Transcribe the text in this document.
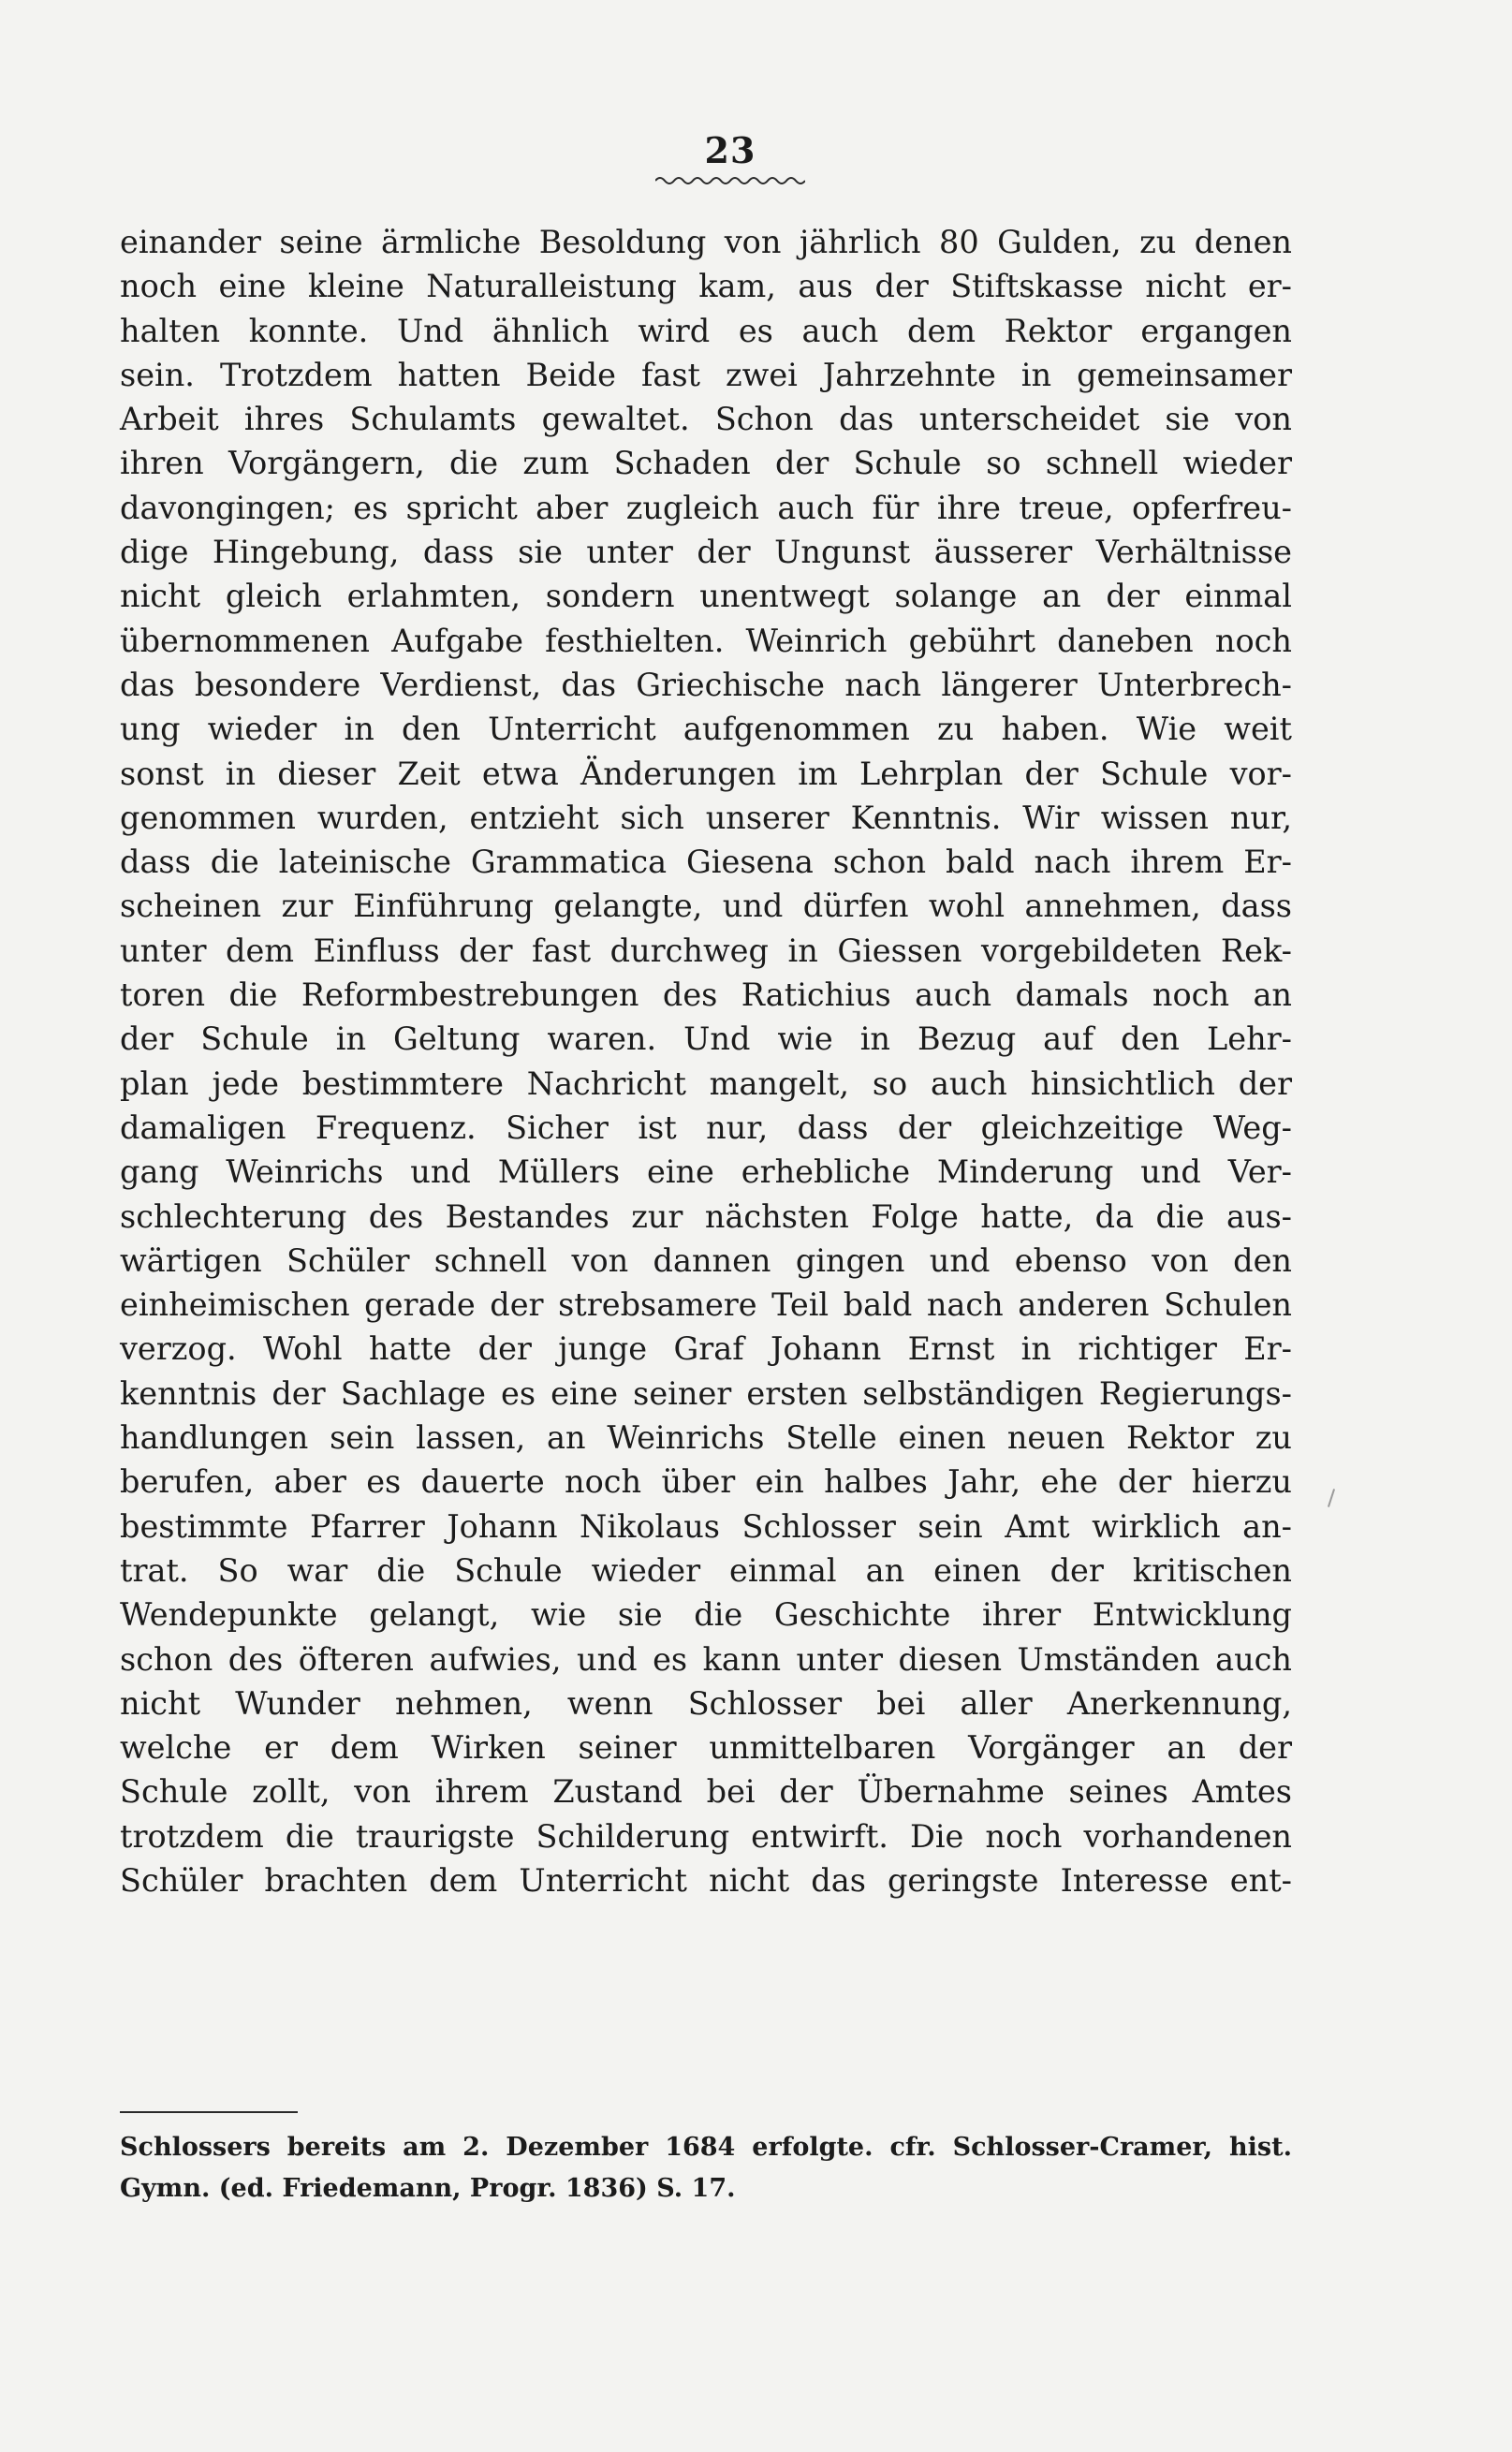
23
einander seine ärmliche Besoldung von jährlich 80 Gulden, zu denen
noch eine kleine Naturalleistung kam, aus der Stiftskasse nicht er-
halten konnte. Und ähnlich wird es auch dem Rektor ergangen
sein. Trotzdem hatten Beide fast zwei Jahrzehnte in gemeinsamer
Arbeit ihres Schulamts gewaltet. Schon das unterscheidet sie von
ihren Vorgängern, die zum Schaden der Schule so schnell wieder
davongingen; es spricht aber zugleich auch für ihre treue, opferfreu-
dige Hingebung, dass sie unter der Ungunst äusserer Verhältnisse
nicht gleich erlahmten, sondern unentwegt solange an der einmal
übernommenen Aufgabe festhielten. Weinrich gebührt daneben noch
das besondere Verdienst, das Griechische nach längerer Unterbrech-
ung wieder in den Unterricht aufgenommen zu haben. Wie weit
sonst in dieser Zeit etwa Änderungen im Lehrplan der Schule vor-
genommen wurden, entzieht sich unserer Kenntnis. Wir wissen nur,
dass die lateinische Grammatica Giesena schon bald nach ihrem Er-
scheinen zur Einführung gelangte, und dürfen wohl annehmen, dass
unter dem Einfluss der fast durchweg in Giessen vorgebildeten Rek-
toren die Reformbestrebungen des Ratichius auch damals noch an
der Schule in Geltung waren. Und wie in Bezug auf den Lehr-
plan jede bestimmtere Nachricht mangelt, so auch hinsichtlich der
damaligen Frequenz. Sicher ist nur, dass der gleichzeitige Weg-
gang Weinrichs und Müllers eine erhebliche Minderung und Ver-
schlechterung des Bestandes zur nächsten Folge hatte, da die aus-
wärtigen Schüler schnell von dannen gingen und ebenso von den
einheimischen gerade der strebsamere Teil bald nach anderen Schulen
verzog. Wohl hatte der junge Graf Johann Ernst in richtiger Er-
kenntnis der Sachlage es eine seiner ersten selbständigen Regierungs-
handlungen sein lassen, an Weinrichs Stelle einen neuen Rektor zu
berufen, aber es dauerte noch über ein halbes Jahr, ehe der hierzu
bestimmte Pfarrer Johann Nikolaus Schlosser sein Amt wirklich an-
trat. So war die Schule wieder einmal an einen der kritischen
Wendepunkte gelangt, wie sie die Geschichte ihrer Entwicklung
schon des öfteren aufwies, und es kann unter diesen Umständen auch
nicht Wunder nehmen, wenn Schlosser bei aller Anerkennung,
welche er dem Wirken seiner unmittelbaren Vorgänger an der
Schule zollt, von ihrem Zustand bei der Übernahme seines Amtes
trotzdem die traurigste Schilderung entwirft. Die noch vorhandenen
Schüler brachten dem Unterricht nicht das geringste Interesse ent-
Schlossers bereits am 2. Dezember 1684 erfolgte. cfr. Schlosser-Cramer, hist.
Gymn. (ed. Friedemann, Progr. 1836) S. 17.
